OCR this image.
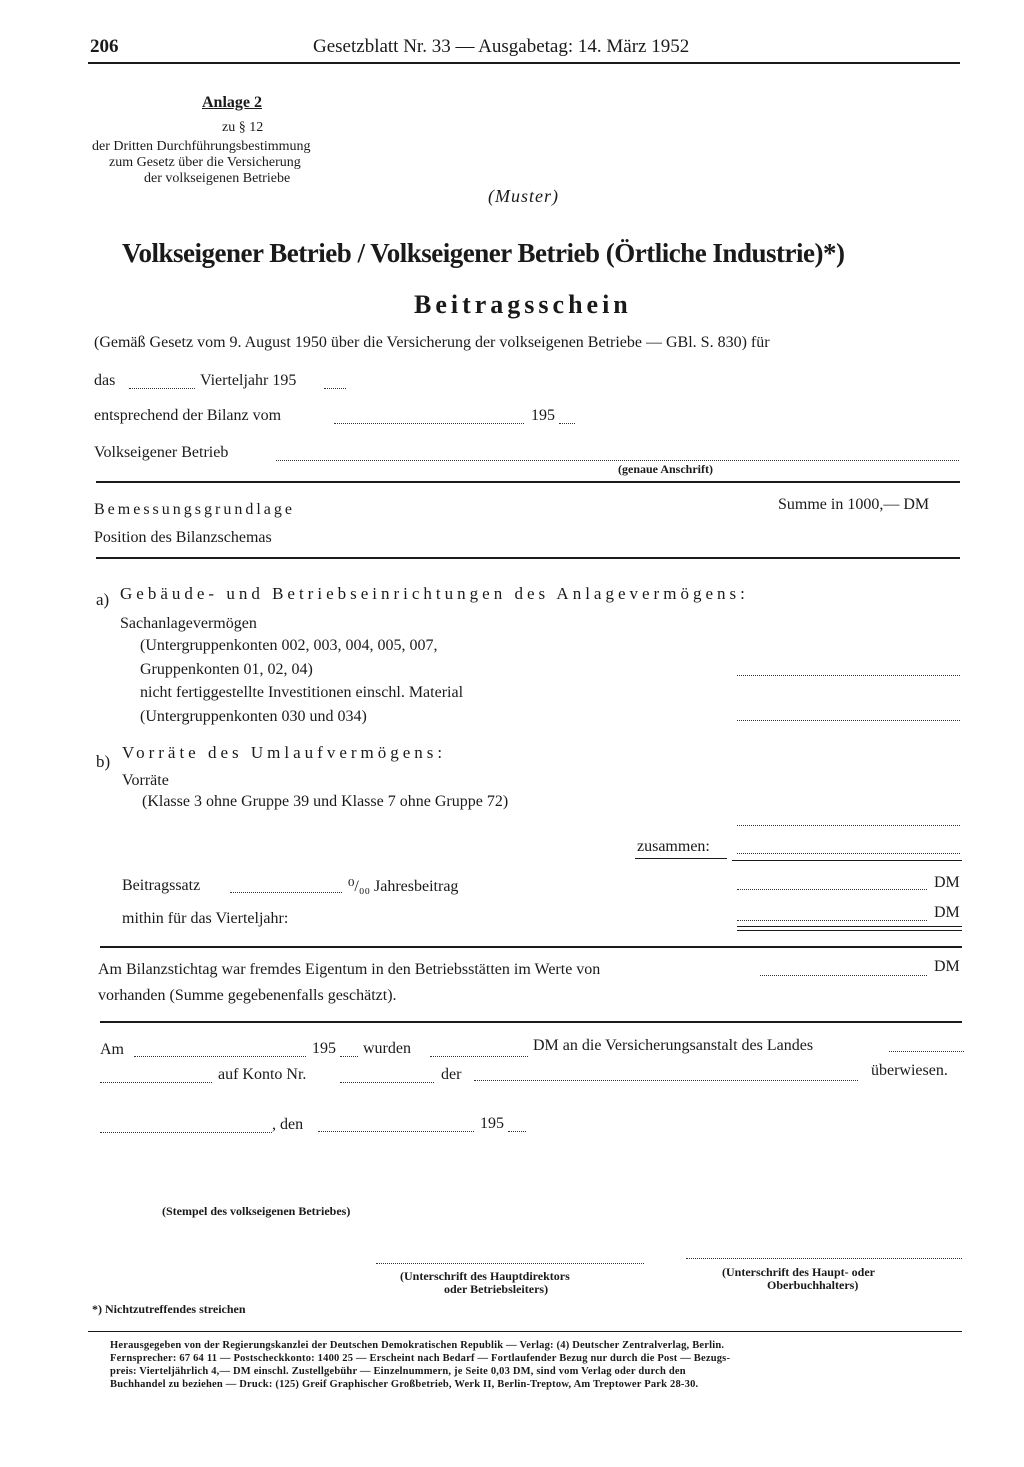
206	Gesetzblatt Nr. 33 — Ausgabetag: 14. März 1952
Anlage 2
zu § 12
der Dritten Durchführungsbestimmung
zum Gesetz über die Versicherung
der volkseigenen Betriebe
(Muster)
Volkseigener Betrieb / Volkseigener Betrieb (Örtliche Industrie)*)
Beitragsschein
(Gemäß Gesetz vom 9. August 1950 über die Versicherung der volkseigenen Betriebe — GBl. S. 830) für
das	Vierteljahr 195
entsprechend der Bilanz vom	195
Volkseigener Betrieb
(genaue Anschrift)
Bemessungsgrundlage	Summe in 1000,— DM
Position des Bilanzschemas
a) Gebäude- und Betriebseinrichtungen des Anlagevermögens:
Sachanlagevermögen
(Untergruppenkonten 002, 003, 004, 005, 007,
Gruppenkonten 01, 02, 04)
nicht fertiggestellte Investitionen einschl. Material
(Untergruppenkonten 030 und 034)
b) Vorräte des Umlaufvermögens:
Vorräte
(Klasse 3 ohne Gruppe 39 und Klasse 7 ohne Gruppe 72)
zusammen:
Beitragssatz	⁰/₀₀ Jahresbeitrag	DM
mithin für das Vierteljahr:	DM
Am Bilanzstichtag war fremdes Eigentum in den Betriebsstätten im Werte von	DM
vorhanden (Summe gegebenenfalls geschätzt).
Am	195 wurden	DM an die Versicherungsanstalt des Landes
auf Konto Nr.	der	überwiesen.
, den	195
(Stempel des volkseigenen Betriebes)
(Unterschrift des Hauptdirektors
oder Betriebsleiters)
(Unterschrift des Haupt- oder
Oberbuchhalters)
*) Nichtzutreffendes streichen
Herausgegeben von der Regierungskanzlei der Deutschen Demokratischen Republik — Verlag: (4) Deutscher Zentralverlag, Berlin.
Fernsprecher: 67 64 11 — Postscheckkonto: 1400 25 — Erscheint nach Bedarf — Fortlaufender Bezug nur durch die Post — Bezugs-
preis: Vierteljährlich 4,— DM einschl. Zustellgebühr — Einzelnummern, je Seite 0,03 DM, sind vom Verlag oder durch den
Buchhandel zu beziehen — Druck: (125) Greif Graphischer Großbetrieb, Werk II, Berlin-Treptow, Am Treptower Park 28-30.
